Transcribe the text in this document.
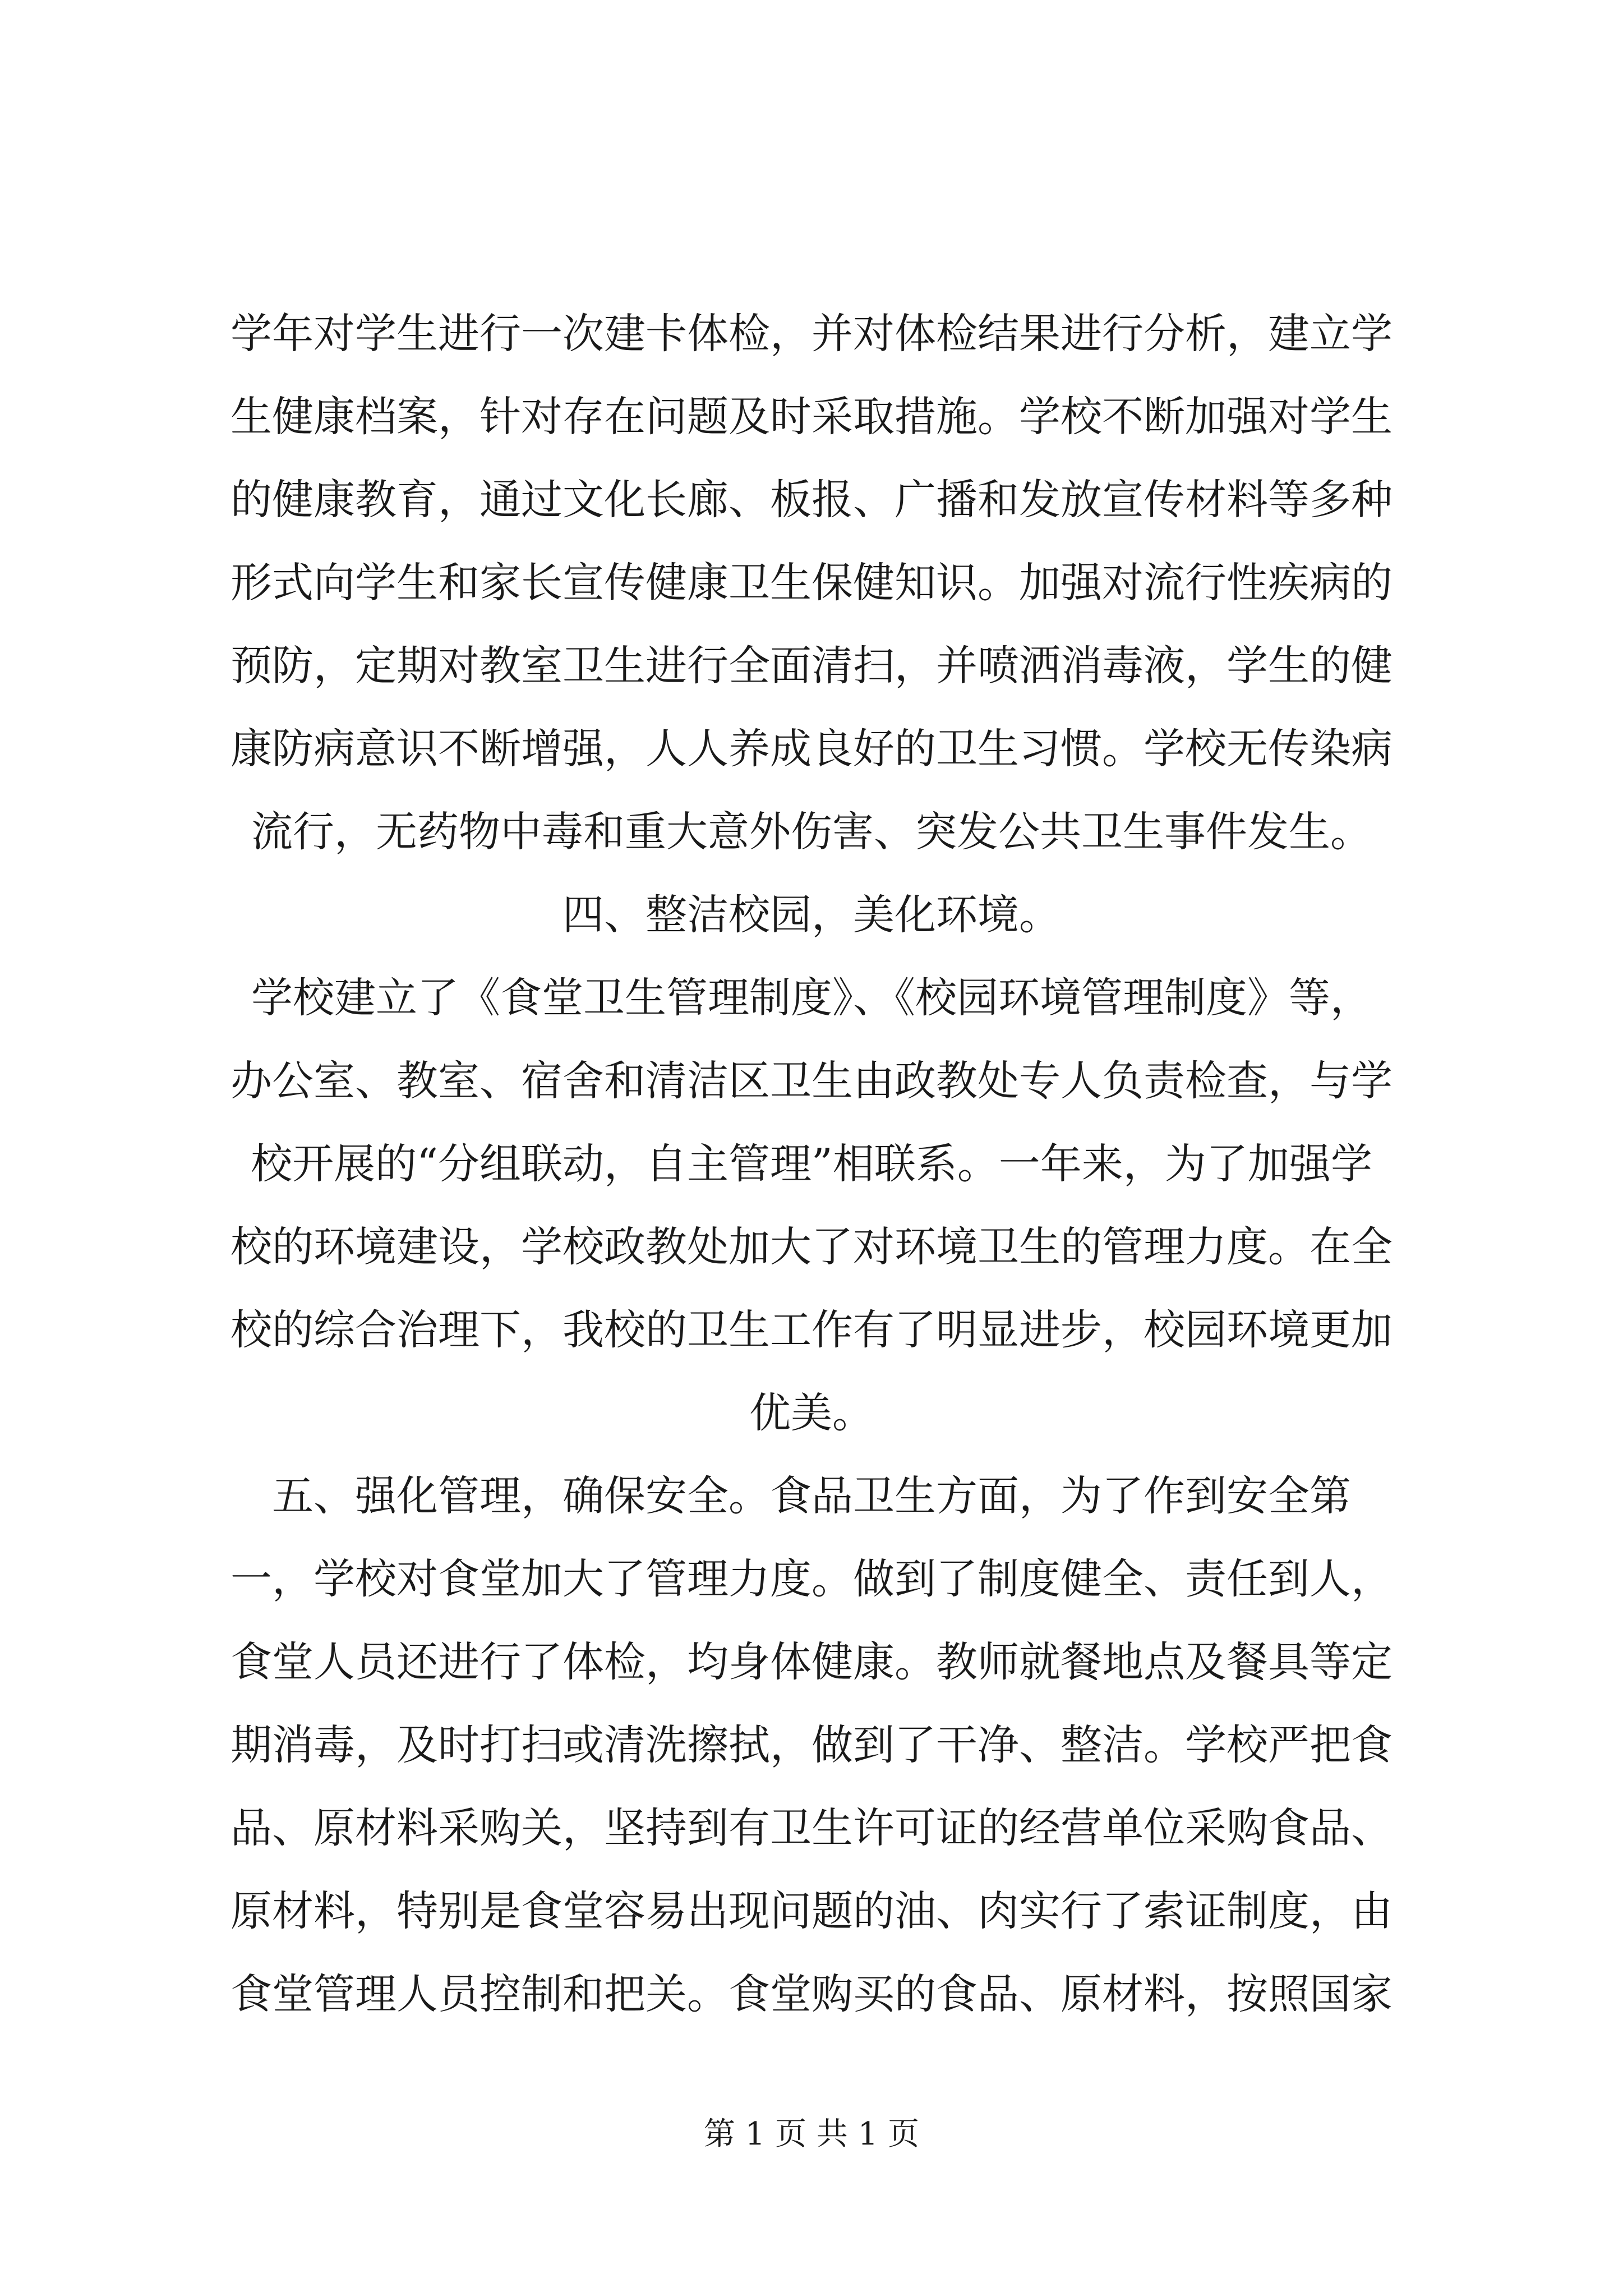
学年对学生进行一次建卡体检，并对体检结果进行分析，建立学
生健康档案，针对存在问题及时采取措施。学校不断加强对学生
的健康教育，通过文化长廊、板报、广播和发放宣传材料等多种
形式向学生和家长宣传健康卫生保健知识。加强对流行性疾病的
预防，定期对教室卫生进行全面清扫，并喷洒消毒液，学生的健
康防病意识不断增强，人人养成良好的卫生习惯。学校无传染病
流行，无药物中毒和重大意外伤害、突发公共卫生事件发生。
四、整洁校园，美化环境。
学校建立了《食堂卫生管理制度》、《校园环境管理制度》等，
办公室、教室、宿舍和清洁区卫生由政教处专人负责检查，与学
校开展的“分组联动，自主管理”相联系。一年来，为了加强学
校的环境建设，学校政教处加大了对环境卫生的管理力度。在全
校的综合治理下，我校的卫生工作有了明显进步，校园环境更加
优美。
五、强化管理，确保安全。食品卫生方面，为了作到安全第
一，学校对食堂加大了管理力度。做到了制度健全、责任到人，
食堂人员还进行了体检，均身体健康。教师就餐地点及餐具等定
期消毒，及时打扫或清洗擦拭，做到了干净、整洁。学校严把食
品、原材料采购关，坚持到有卫生许可证的经营单位采购食品、
原材料，特别是食堂容易出现问题的油、肉实行了索证制度，由
食堂管理人员控制和把关。食堂购买的食品、原材料，按照国家
第 1 页 共 1 页
